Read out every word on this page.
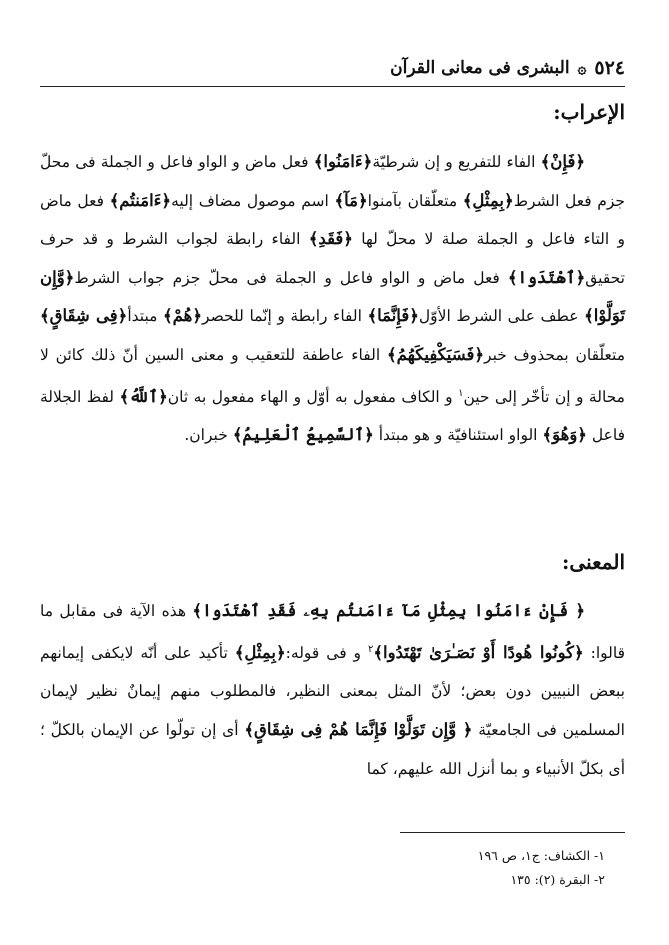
٥٢٤
۞
البشرى فى معانى القرآن
الإعراب:

﴿فَإِنْ﴾ الفاء للتفريع و إن شرطيّة﴿ءَامَنُوا﴾ فعل ماض و الواو فاعل و الجملة فى محلّ جزم فعل الشرط﴿بِمِثْلِ﴾ متعلّقان بآمنوا﴿مَآ﴾ اسم موصول مضاف إليه﴿ءَامَنتُم﴾ فعل ماض و التاء فاعل و الجملة صلة لا محلّ لها ﴿فَقَدِ﴾ الفاء رابطة لجواب الشرط و قد حرف تحقيق﴿ٱهْتَدَوا﴾ فعل ماض و الواو فاعل و الجملة فى محلّ جزم جواب الشرط﴿وَّإِن تَوَلَّوْا﴾ عطف على الشرط الأوّل﴿فَإِنَّمَا﴾ الفاء رابطة و إنّما للحصر﴿هُمْ﴾ مبتدأ﴿فِى شِقَاقٍ﴾ متعلّقان بمحذوف خبر﴿فَسَيَكْفِيكَهُمُ﴾ الفاء عاطفة للتعقيب و معنى السين أنّ ذلك كائن لا محالة و إن تأخّر إلى حين$^١$ و الكاف مفعول به أوّل و الهاء مفعول به ثان﴿ٱللَّهُ﴾ لفظ الجلالة فاعل ﴿وَهُوَ﴾ الواو استئنافيّة و هو مبتدأ ﴿ٱلسَّمِيعُ ٱلْعَلِيمُ﴾ خبران.

المعنى:

﴿ فَإِنْ ءَامَنُوا بِمِثْلِ مَآ ءَامَنتُم بِهِۦ فَقَدِ ٱهْتَدَوا﴾ هذه الآية فى مقابل ما قالوا: ﴿كُونُوا هُودًا أَوْ نَصَـٰرَىٰ تَهْتَدُوا﴾$^٢$ و فى قوله:﴿بِمِثْلِ﴾ تأكيد على أنّه لايكفى إيمانهم ببعض النبيين دون بعض؛ لأنّ المثل بمعنى النظير، فالمطلوب منهم إيمانٌ نظير لإيمان المسلمين فى الجامعيّة ﴿ وَّإِن تَوَلَّوْا فَإِنَّمَا هُمْ فِى شِقَاقٍ﴾ أى إن تولّوا عن الإيمان بالكلّ ؛ أى بكلّ الأنبياء و بما أنزل الله عليهم، كما

١- الكشاف: ج١، ص ١٩٦
٢- البقرة (٢): ١٣٥
